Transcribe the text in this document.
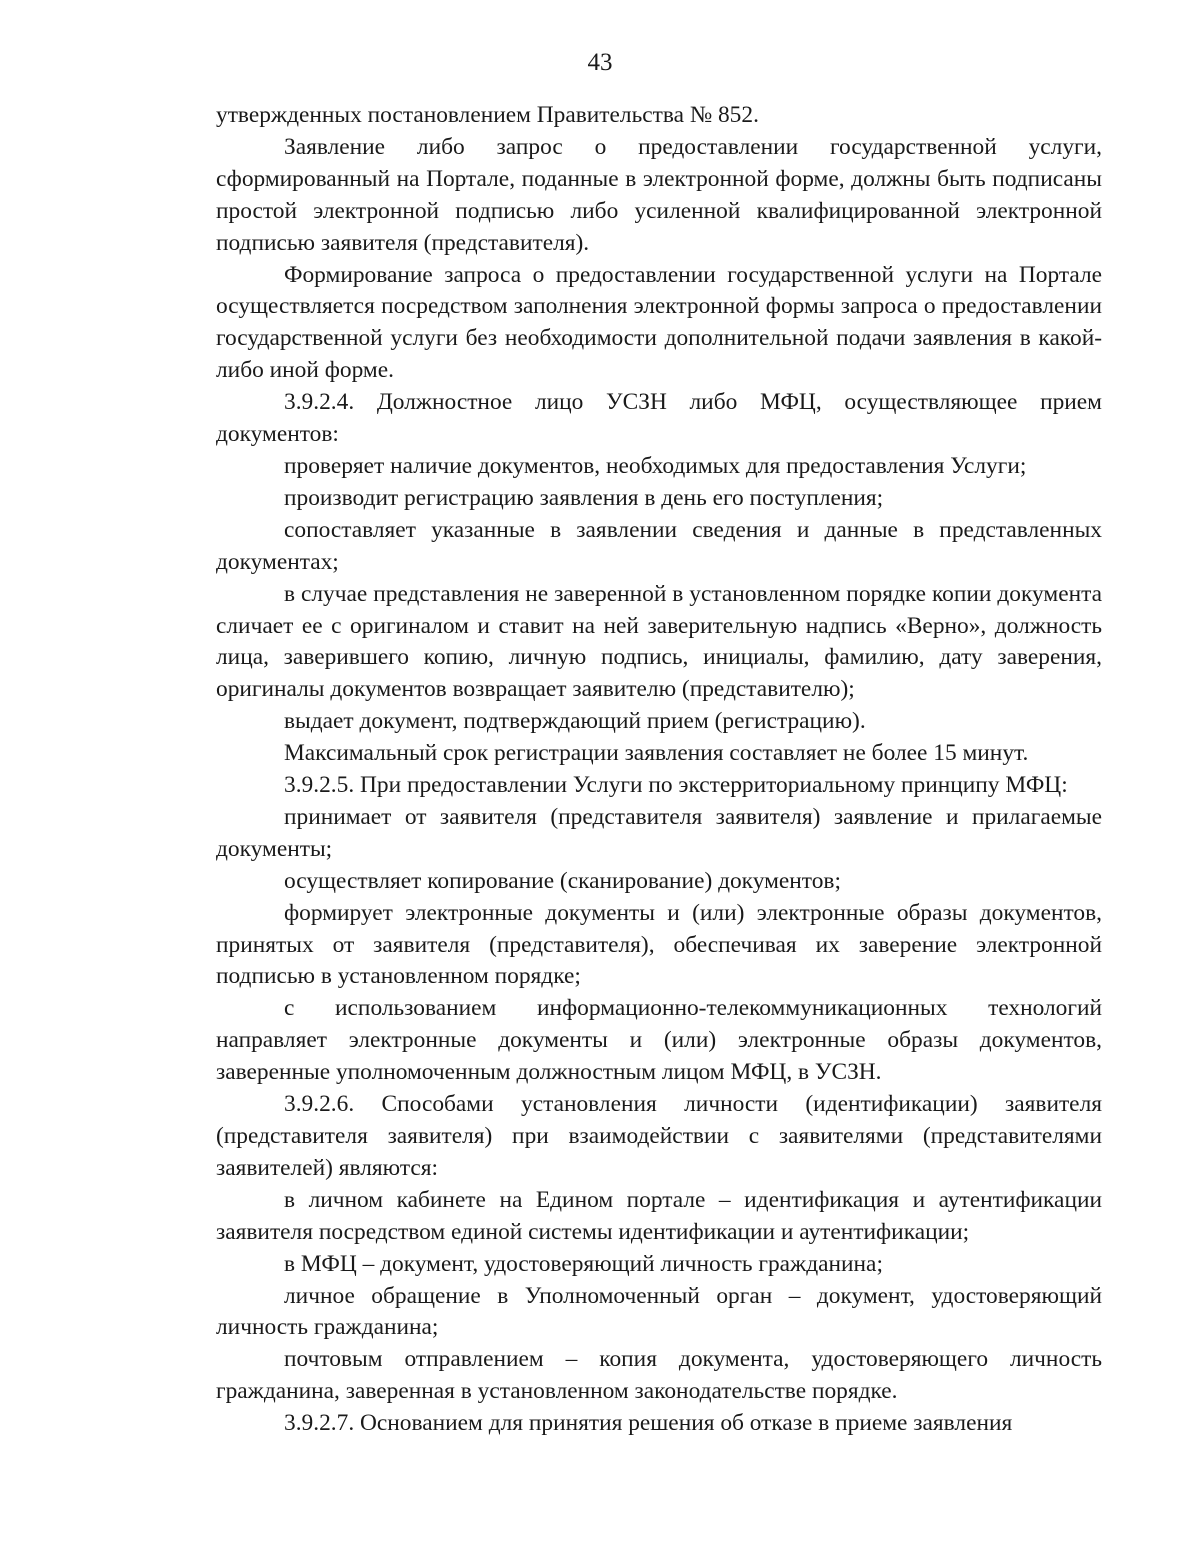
43

утвержденных постановлением Правительства № 852.

Заявление либо запрос о предоставлении государственной услуги, сформированный на Портале, поданные в электронной форме, должны быть подписаны простой электронной подписью либо усиленной квалифицированной электронной подписью заявителя (представителя).

Формирование запроса о предоставлении государственной услуги на Портале осуществляется посредством заполнения электронной формы запроса о предоставлении государственной услуги без необходимости дополнительной подачи заявления в какой-либо иной форме.

3.9.2.4. Должностное лицо УСЗН либо МФЦ, осуществляющее прием документов:

проверяет наличие документов, необходимых для предоставления Услуги;

производит регистрацию заявления в день его поступления;

сопоставляет указанные в заявлении сведения и данные в представленных документах;

в случае представления не заверенной в установленном порядке копии документа сличает ее с оригиналом и ставит на ней заверительную надпись «Верно», должность лица, заверившего копию, личную подпись, инициалы, фамилию, дату заверения, оригиналы документов возвращает заявителю (представителю);

выдает документ, подтверждающий прием (регистрацию).

Максимальный срок регистрации заявления составляет не более 15 минут.

3.9.2.5. При предоставлении Услуги по экстерриториальному принципу МФЦ:

принимает от заявителя (представителя заявителя) заявление и прилагаемые документы;

осуществляет копирование (сканирование) документов;

формирует электронные документы и (или) электронные образы документов, принятых от заявителя (представителя), обеспечивая их заверение электронной подписью в установленном порядке;

с использованием информационно-телекоммуникационных технологий направляет электронные документы и (или) электронные образы документов, заверенные уполномоченным должностным лицом МФЦ, в УСЗН.

3.9.2.6. Способами установления личности (идентификации) заявителя (представителя заявителя) при взаимодействии с заявителями (представителями заявителей) являются:

в личном кабинете на Едином портале – идентификация и аутентификации заявителя посредством единой системы идентификации и аутентификации;

в МФЦ – документ, удостоверяющий личность гражданина;

личное обращение в Уполномоченный орган – документ, удостоверяющий личность гражданина;

почтовым отправлением – копия документа, удостоверяющего личность гражданина, заверенная в установленном законодательстве порядке.

3.9.2.7. Основанием для принятия решения об отказе в приеме заявления
